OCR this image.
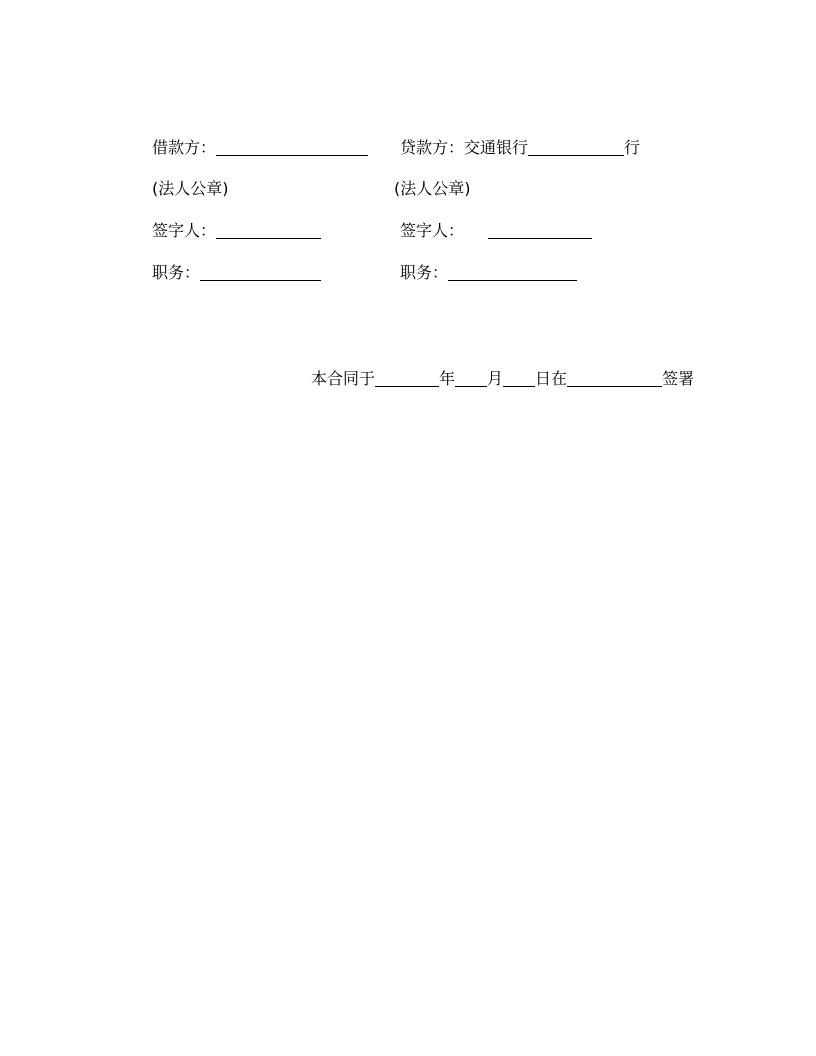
借款方：	贷款方：交通银行	行
(法人公章)	(法人公章)
签字人：	签字人：
职务：	职务：
本合同于	年 月 日在	签署
